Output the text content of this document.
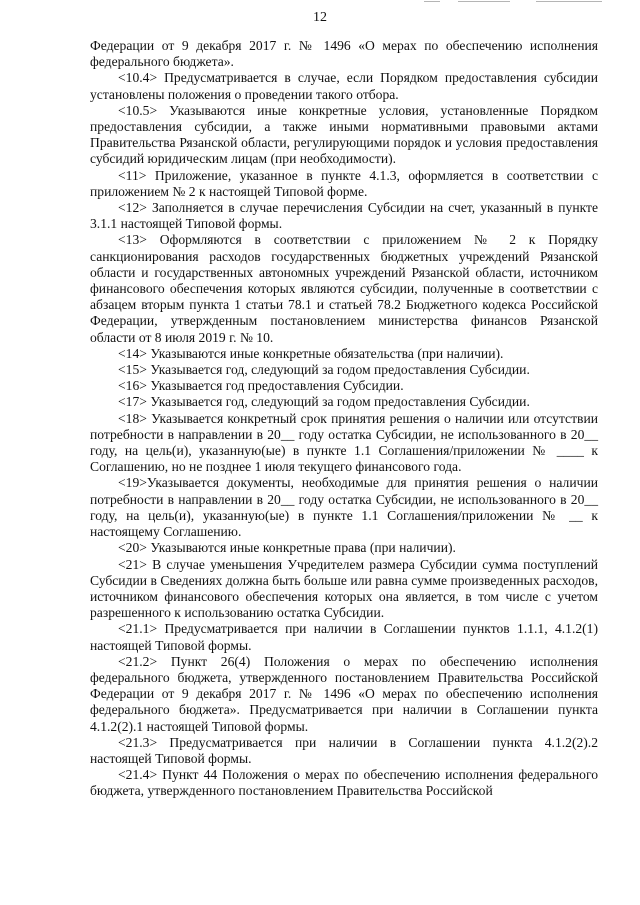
12

Федерации от 9 декабря 2017 г. № 1496 «О мерах по обеспечению исполнения федерального бюджета».

<10.4> Предусматривается в случае, если Порядком предоставления субсидии установлены положения о проведении такого отбора.

<10.5> Указываются иные конкретные условия, установленные Порядком предоставления субсидии, а также иными нормативными правовыми актами Правительства Рязанской области, регулирующими порядок и условия предоставления субсидий юридическим лицам (при необходимости).

<11> Приложение, указанное в пункте 4.1.3, оформляется в соответствии с приложением № 2 к настоящей Типовой форме.

<12> Заполняется в случае перечисления Субсидии на счет, указанный в пункте 3.1.1 настоящей Типовой формы.

<13> Оформляются в соответствии с приложением № 2 к Порядку санкционирования расходов государственных бюджетных учреждений Рязанской области и государственных автономных учреждений Рязанской области, источником финансового обеспечения которых являются субсидии, полученные в соответствии с абзацем вторым пункта 1 статьи 78.1 и статьей 78.2 Бюджетного кодекса Российской Федерации, утвержденным постановлением министерства финансов Рязанской области от 8 июля 2019 г. № 10.

<14> Указываются иные конкретные обязательства (при наличии).

<15> Указывается год, следующий за годом предоставления Субсидии.

<16> Указывается год предоставления Субсидии.

<17> Указывается год, следующий за годом предоставления Субсидии.

<18> Указывается конкретный срок принятия решения о наличии или отсутствии потребности в направлении в 20__ году остатка Субсидии, не использованного в 20__ году, на цель(и), указанную(ые) в пункте 1.1 Соглашения/приложении № ____ к Соглашению, но не позднее 1 июля текущего финансового года.

<19>Указывается документы, необходимые для принятия решения о наличии потребности в направлении в 20__ году остатка Субсидии, не использованного в 20__ году, на цель(и), указанную(ые) в пункте 1.1 Соглашения/приложении № __ к настоящему Соглашению.

<20> Указываются иные конкретные права (при наличии).

<21> В случае уменьшения Учредителем размера Субсидии сумма поступлений Субсидии в Сведениях должна быть больше или равна сумме произведенных расходов, источником финансового обеспечения которых она является, в том числе с учетом разрешенного к использованию остатка Субсидии.

<21.1> Предусматривается при наличии в Соглашении пунктов 1.1.1, 4.1.2(1) настоящей Типовой формы.

<21.2> Пункт 26(4) Положения о мерах по обеспечению исполнения федерального бюджета, утвержденного постановлением Правительства Российской Федерации от 9 декабря 2017 г. № 1496 «О мерах по обеспечению исполнения федерального бюджета». Предусматривается при наличии в Соглашении пункта 4.1.2(2).1 настоящей Типовой формы.

<21.3> Предусматривается при наличии в Соглашении пункта 4.1.2(2).2 настоящей Типовой формы.

<21.4> Пункт 44 Положения о мерах по обеспечению исполнения федерального бюджета, утвержденного постановлением Правительства Российской
